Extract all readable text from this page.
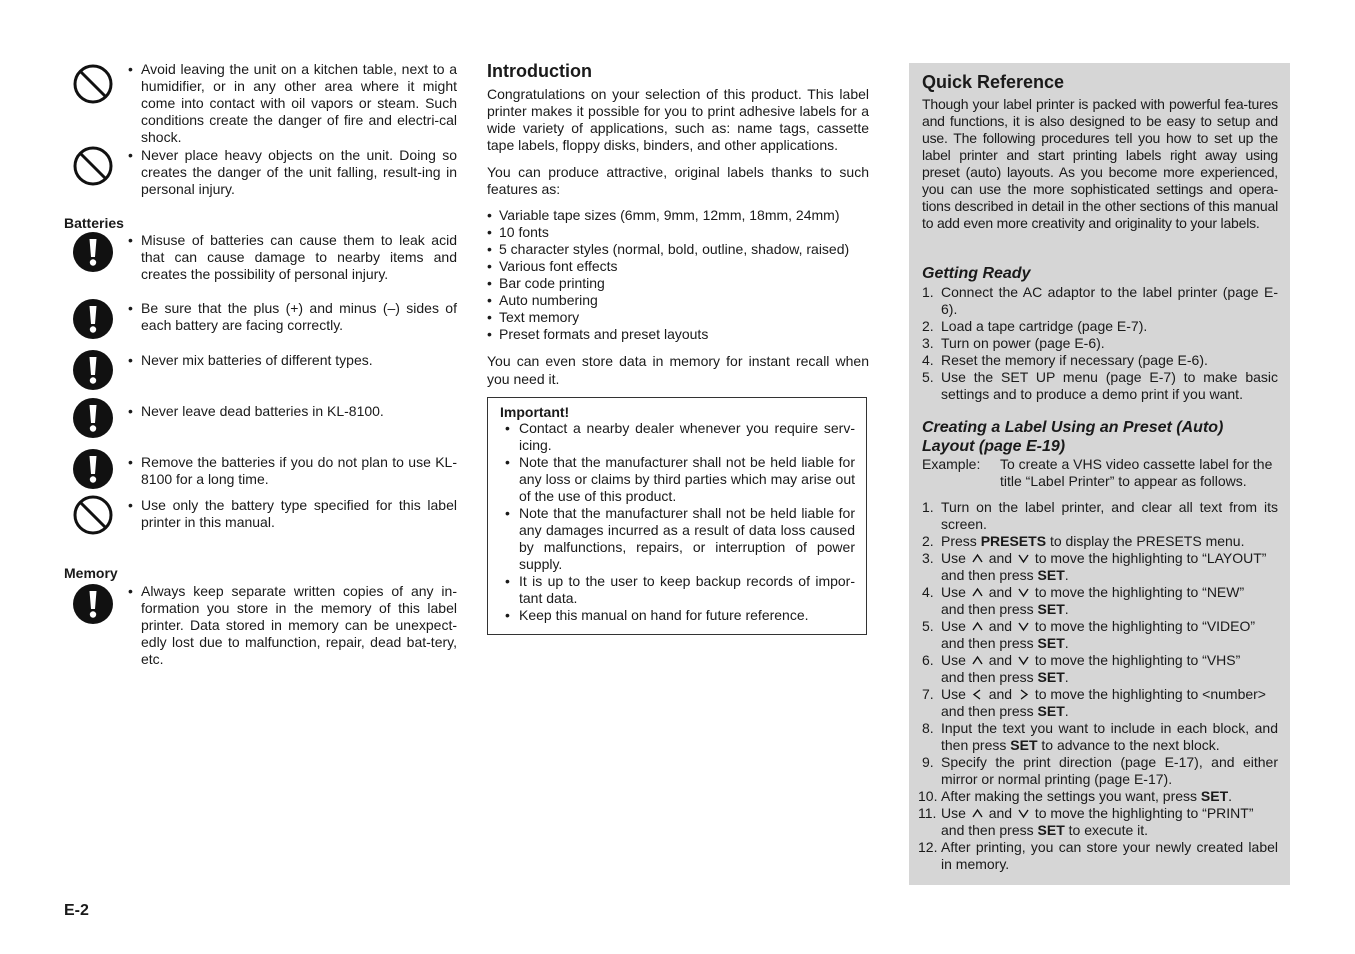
• Avoid leaving the unit on a kitchen table, next to a humidifier, or in any other area where it might come into contact with oil vapors or steam. Such conditions create the danger of fire and electri-cal shock.
• Never place heavy objects on the unit. Doing so creates the danger of the unit falling, result-ing in personal injury.
Batteries
• Misuse of batteries can cause them to leak acid that can cause damage to nearby items and creates the possibility of personal injury.
• Be sure that the plus (+) and minus (–) sides of each battery are facing correctly.
• Never mix batteries of different types.
• Never leave dead batteries in KL-8100.
• Remove the batteries if you do not plan to use KL-8100 for a long time.
• Use only the battery type specified for this label printer in this manual.
Memory
• Always keep separate written copies of any in-formation you store in the memory of this label printer. Data stored in memory can be unexpect-edly lost due to malfunction, repair, dead bat-tery, etc.
Introduction

Congratulations on your selection of this product. This label printer makes it possible for you to print adhesive labels for a wide variety of applications, such as: name tags, cassette tape labels, floppy disks, binders, and other applications.

You can produce attractive, original labels thanks to such features as:

• Variable tape sizes (6mm, 9mm, 12mm, 18mm, 24mm)
• 10 fonts
• 5 character styles (normal, bold, outline, shadow, raised)
• Various font effects
• Bar code printing
• Auto numbering
• Text memory
• Preset formats and preset layouts

You can even store data in memory for instant recall when you need it.

Important!
• Contact a nearby dealer whenever you require serv-icing.
• Note that the manufacturer shall not be held liable for any loss or claims by third parties which may arise out of the use of this product.
• Note that the manufacturer shall not be held liable for any damages incurred as a result of data loss caused by malfunctions, repairs, or interruption of power supply.
• It is up to the user to keep backup records of impor-tant data.
• Keep this manual on hand for future reference.
Quick Reference

Though your label printer is packed with powerful fea-tures and functions, it is also designed to be easy to setup and use. The following procedures tell you how to set up the label printer and start printing labels right away using preset (auto) layouts. As you become more experienced, you can use the more sophisticated settings and opera-tions described in detail in the other sections of this manual to add even more creativity and originality to your labels.

Getting Ready
1. Connect the AC adaptor to the label printer (page E-6).
2. Load a tape cartridge (page E-7).
3. Turn on power (page E-6).
4. Reset the memory if necessary (page E-6).
5. Use the SET UP menu (page E-7) to make basic settings and to produce a demo print if you want.
Creating a Label Using an Preset (Auto) Layout (page E-19)
Example: To create a VHS video cassette label for the title “Label Printer” to appear as follows.
1. Turn on the label printer, and clear all text from its screen.
2. Press PRESETS to display the PRESETS menu.
3. Use and to move the highlighting to “LAYOUT”
and then press SET.
4. Use and to move the highlighting to “NEW”
and then press SET.
5. Use and to move the highlighting to “VIDEO”
and then press SET.
6. Use and to move the highlighting to “VHS”
and then press SET.
7. Use and to move the highlighting to <number>
and then press SET.
8. Input the text you want to include in each block, and then press SET to advance to the next block.
9. Specify the print direction (page E-17), and either mirror or normal printing (page E-17).
10. After making the settings you want, press SET.
11. Use and to move the highlighting to “PRINT”
and then press SET to execute it.
12. After printing, you can store your newly created label in memory.
E-2
